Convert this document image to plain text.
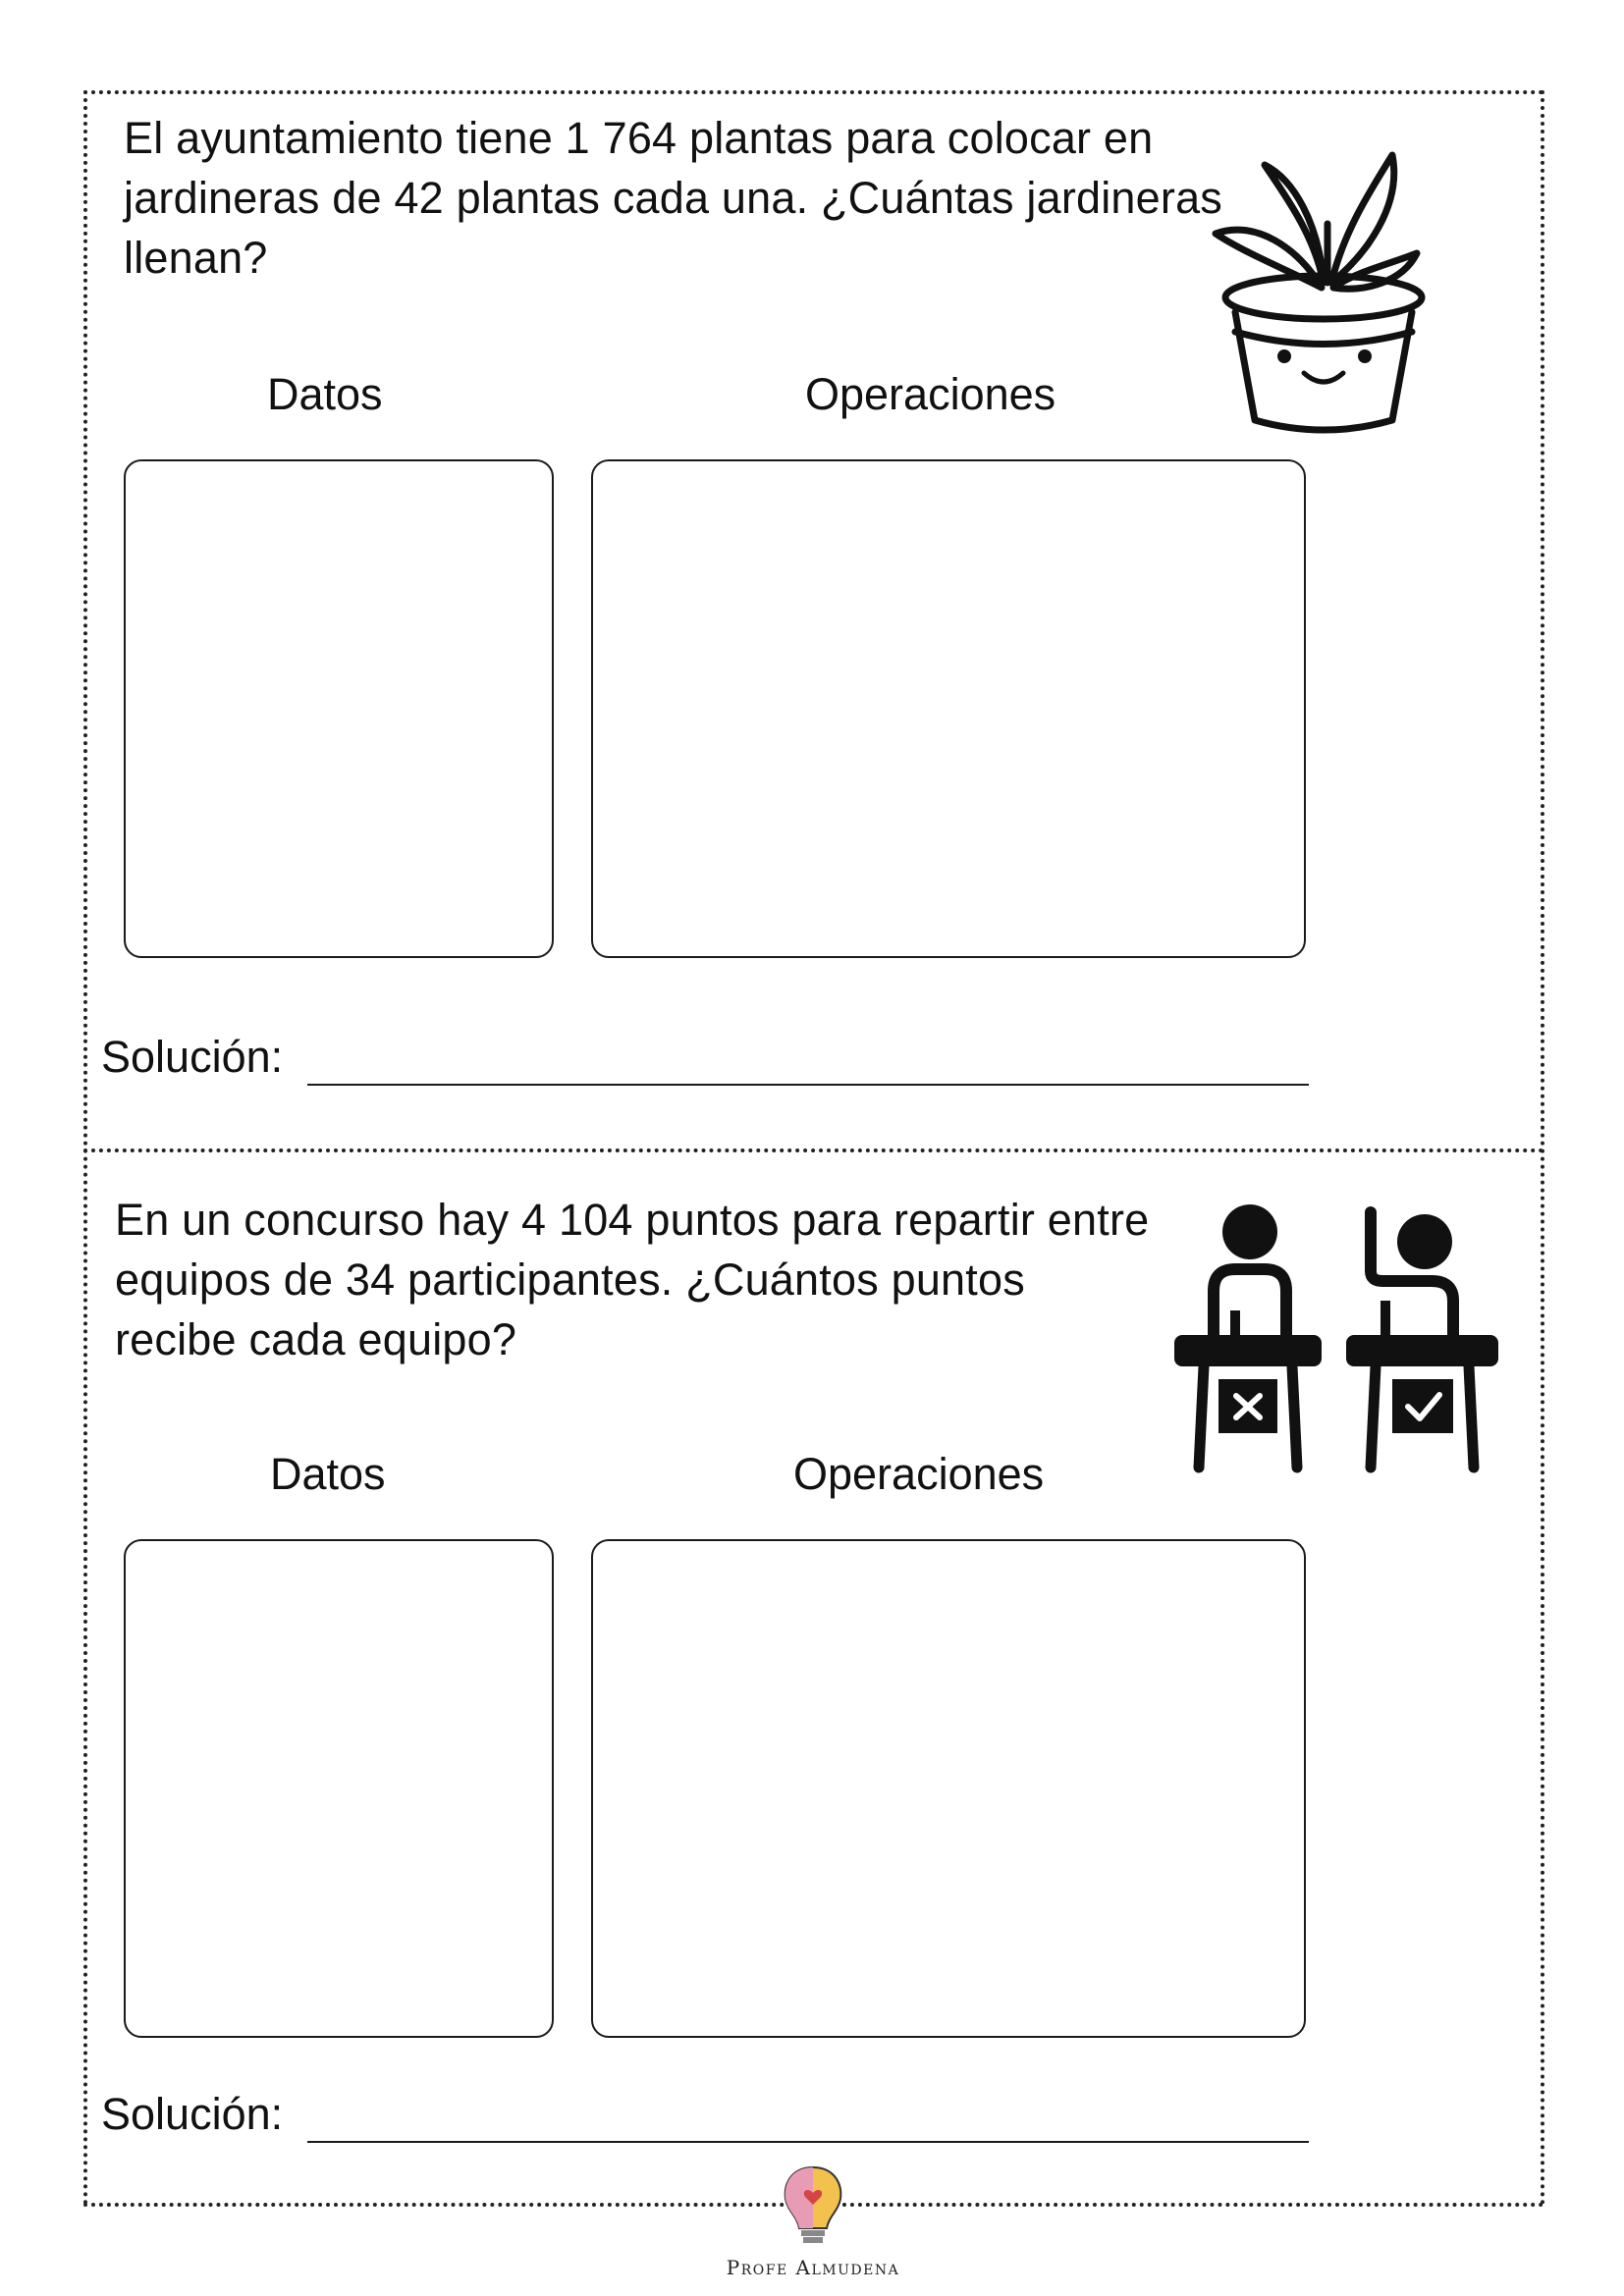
El ayuntamiento tiene 1 764 plantas para colocar en jardineras de 42 plantas cada una. ¿Cuántas jardineras llenan?
Datos	Operaciones
Solución:
En un concurso hay 4 104 puntos para repartir entre equipos de 34 participantes. ¿Cuántos puntos recibe cada equipo?
Datos	Operaciones
Solución:
Profe Almudena
